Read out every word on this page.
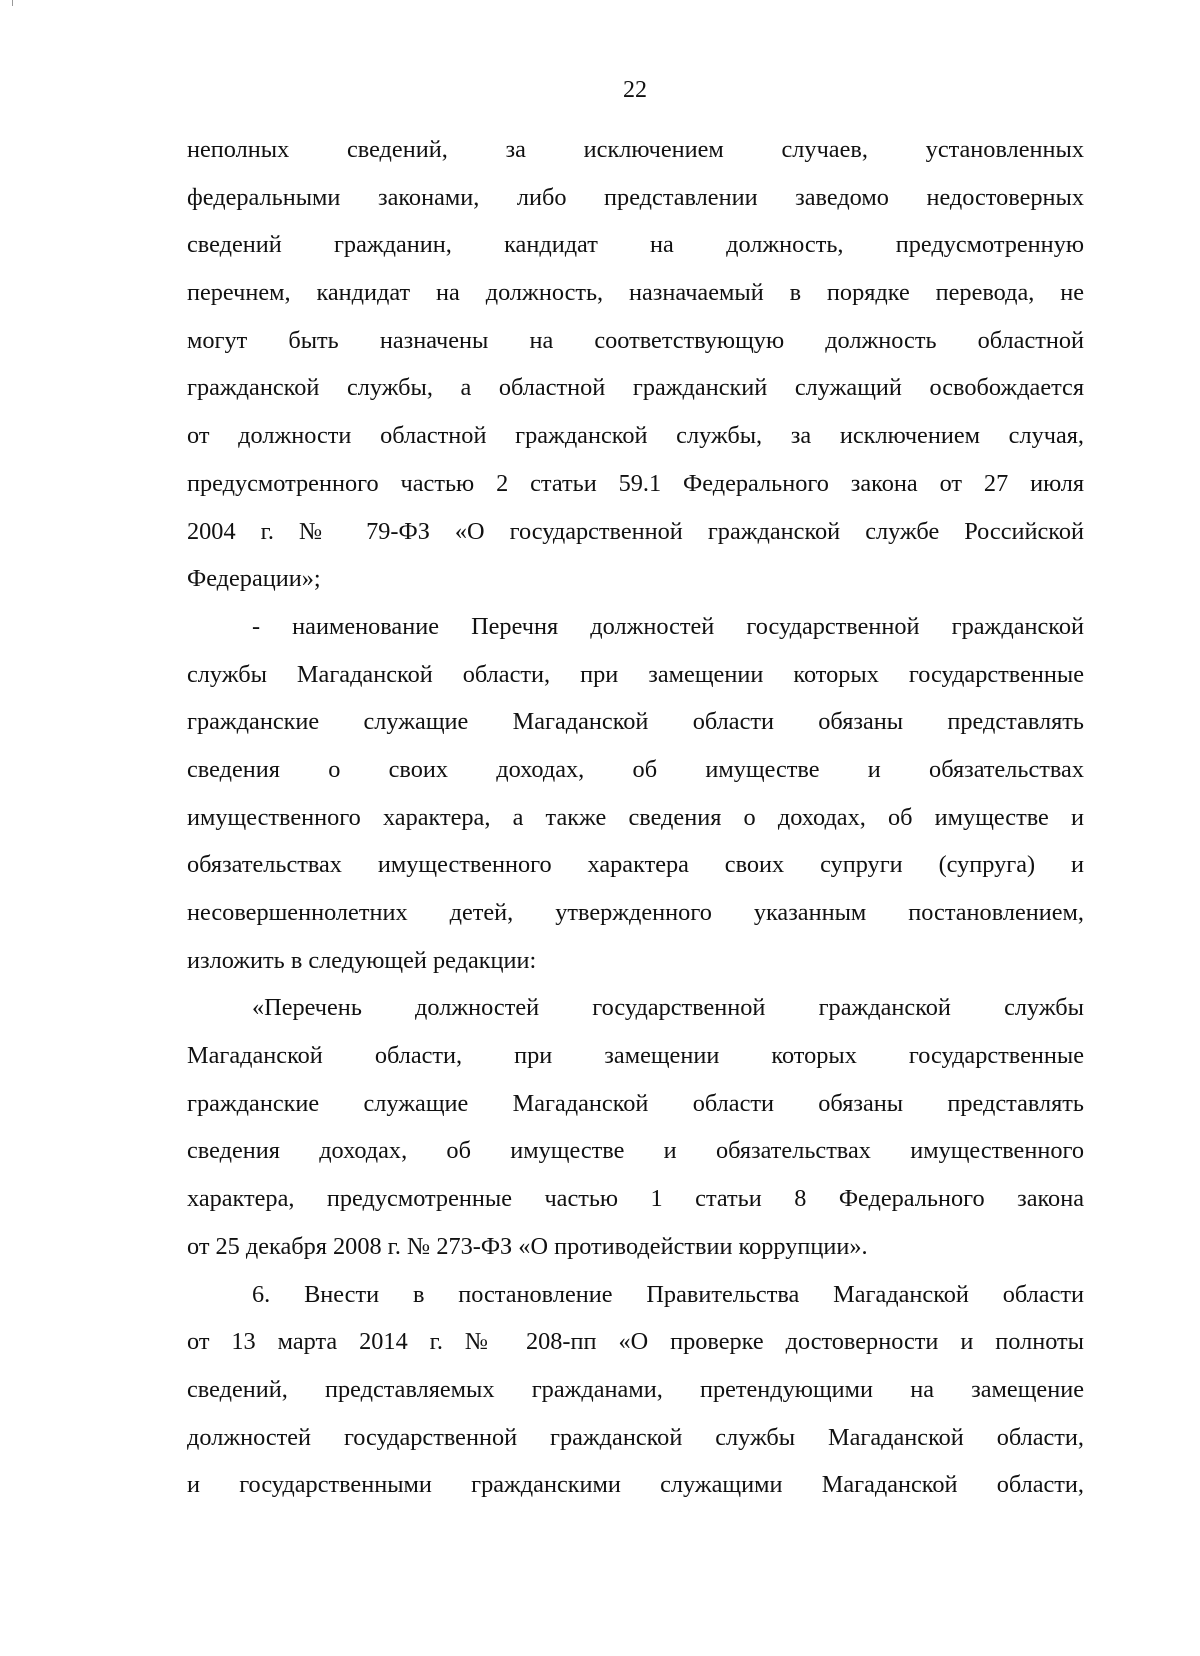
22
неполных сведений, за исключением случаев, установленных
федеральными законами, либо представлении заведомо недостоверных
сведений гражданин, кандидат на должность, предусмотренную
перечнем, кандидат на должность, назначаемый в порядке перевода, не
могут быть назначены на соответствующую должность областной
гражданской службы, а областной гражданский служащий освобождается
от должности областной гражданской службы, за исключением случая,
предусмотренного частью 2 статьи 59.1 Федерального закона от 27 июля
2004 г. № 79-ФЗ «О государственной гражданской службе Российской
Федерации»;
- наименование Перечня должностей государственной гражданской
службы Магаданской области, при замещении которых государственные
гражданские служащие Магаданской области обязаны представлять
сведения о своих доходах, об имуществе и обязательствах
имущественного характера, а также сведения о доходах, об имуществе и
обязательствах имущественного характера своих супруги (супруга) и
несовершеннолетних детей, утвержденного указанным постановлением,
изложить в следующей редакции:
«Перечень должностей государственной гражданской службы
Магаданской области, при замещении которых государственные
гражданские служащие Магаданской области обязаны представлять
сведения доходах, об имуществе и обязательствах имущественного
характера, предусмотренные частью 1 статьи 8 Федерального закона
от 25 декабря 2008 г. № 273-ФЗ «О противодействии коррупции».
6. Внести в постановление Правительства Магаданской области
от 13 марта 2014 г. № 208-пп «О проверке достоверности и полноты
сведений, представляемых гражданами, претендующими на замещение
должностей государственной гражданской службы Магаданской области,
и государственными гражданскими служащими Магаданской области,
